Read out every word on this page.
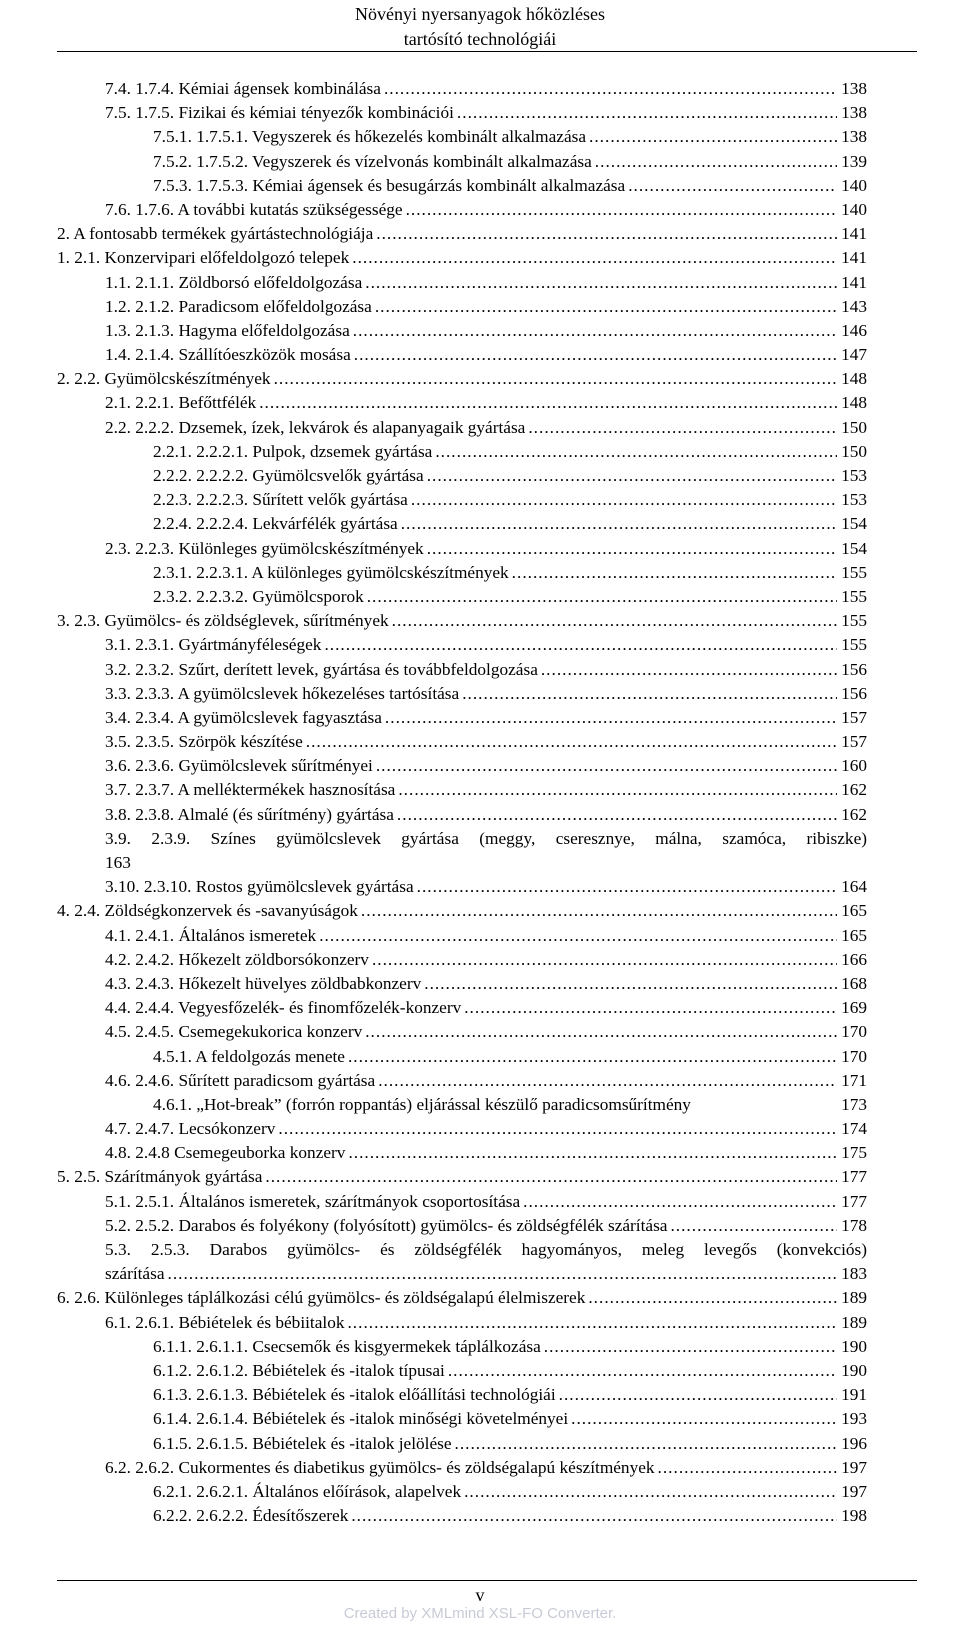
Növényi nyersanyagok hőközléses
tartósító technológiái
7.4. 1.7.4. Kémiai ágensek kombinálása .....	138
7.5. 1.7.5. Fizikai és kémiai tényezők kombinációi .....	138
7.5.1. 1.7.5.1. Vegyszerek és hőkezelés kombinált alkalmazása .....	138
7.5.2. 1.7.5.2. Vegyszerek és vízelvonás kombinált alkalmazása .....	139
7.5.3. 1.7.5.3. Kémiai ágensek és besugárzás kombinált alkalmazása .....	140
7.6. 1.7.6. A további kutatás szükségessége .....	140
2. A fontosabb termékek gyártástechnológiája .....	141
1. 2.1. Konzervipari előfeldolgozó telepek .....	141
1.1. 2.1.1. Zöldborsó előfeldolgozása .....	141
1.2. 2.1.2. Paradicsom előfeldolgozása .....	143
1.3. 2.1.3. Hagyma előfeldolgozása .....	146
1.4. 2.1.4. Szállítóeszközök mosása .....	147
2. 2.2. Gyümölcskészítmények .....	148
2.1. 2.2.1. Befőttfélék .....	148
2.2. 2.2.2. Dzsemek, ízek, lekvárok és alapanyagaik gyártása .....	150
2.2.1. 2.2.2.1. Pulpok, dzsemek gyártása .....	150
2.2.2. 2.2.2.2. Gyümölcsvelők gyártása .....	153
2.2.3. 2.2.2.3. Sűrített velők gyártása .....	153
2.2.4. 2.2.2.4. Lekvárfélék gyártása .....	154
2.3. 2.2.3. Különleges gyümölcskészítmények .....	154
2.3.1. 2.2.3.1. A különleges gyümölcskészítmények .....	155
2.3.2. 2.2.3.2. Gyümölcsporok .....	155
3. 2.3. Gyümölcs- és zöldséglevek, sűrítmények .....	155
3.1. 2.3.1. Gyártmányféleségek .....	155
3.2. 2.3.2. Szűrt, derített levek, gyártása és továbbfeldolgozása .....	156
3.3. 2.3.3. A gyümölcslevek hőkezeléses tartósítása .....	156
3.4. 2.3.4. A gyümölcslevek fagyasztása .....	157
3.5. 2.3.5. Szörpök készítése .....	157
3.6. 2.3.6. Gyümölcslevek sűrítményei .....	160
3.7. 2.3.7. A melléktermékek hasznosítása .....	162
3.8. 2.3.8. Almalé (és sűrítmény) gyártása .....	162
3.9. 2.3.9. Színes gyümölcslevek gyártása (meggy, cseresznye, málna, szamóca, ribiszke)
163
3.10. 2.3.10. Rostos gyümölcslevek gyártása .....	164
4. 2.4. Zöldségkonzervek és -savanyúságok .....	165
4.1. 2.4.1. Általános ismeretek .....	165
4.2. 2.4.2. Hőkezelt zöldborsókonzerv .....	166
4.3. 2.4.3. Hőkezelt hüvelyes zöldbabkonzerv .....	168
4.4. 2.4.4. Vegyesfőzelék- és finomfőzelék-konzerv .....	169
4.5. 2.4.5. Csemegekukorica konzerv .....	170
4.5.1. A feldolgozás menete .....	170
4.6. 2.4.6. Sűrített paradicsom gyártása .....	171
4.6.1. „Hot-break” (forrón roppantás) eljárással készülő paradicsomsűrítmény	173
4.7. 2.4.7. Lecsókonzerv .....	174
4.8. 2.4.8 Csemegeuborka konzerv .....	175
5. 2.5. Szárítmányok gyártása .....	177
5.1. 2.5.1. Általános ismeretek, szárítmányok csoportosítása .....	177
5.2. 2.5.2. Darabos és folyékony (folyósított) gyümölcs- és zöldségfélék szárítása .....	178
5.3. 2.5.3. Darabos gyümölcs- és zöldségfélék hagyományos, meleg levegős (konvekciós)
szárítása .....	183
6. 2.6. Különleges táplálkozási célú gyümölcs- és zöldségalapú élelmiszerek .....	189
6.1. 2.6.1. Bébiételek és bébiitalok .....	189
6.1.1. 2.6.1.1. Csecsemők és kisgyermekek táplálkozása .....	190
6.1.2. 2.6.1.2. Bébiételek és -italok típusai .....	190
6.1.3. 2.6.1.3. Bébiételek és -italok előállítási technológiái .....	191
6.1.4. 2.6.1.4. Bébiételek és -italok minőségi követelményei .....	193
6.1.5. 2.6.1.5. Bébiételek és -italok jelölése .....	196
6.2. 2.6.2. Cukormentes és diabetikus gyümölcs- és zöldségalapú készítmények .....	197
6.2.1. 2.6.2.1. Általános előírások, alapelvek .....	197
6.2.2. 2.6.2.2. Édesítőszerek .....	198
v
Created by XMLmind XSL-FO Converter.
